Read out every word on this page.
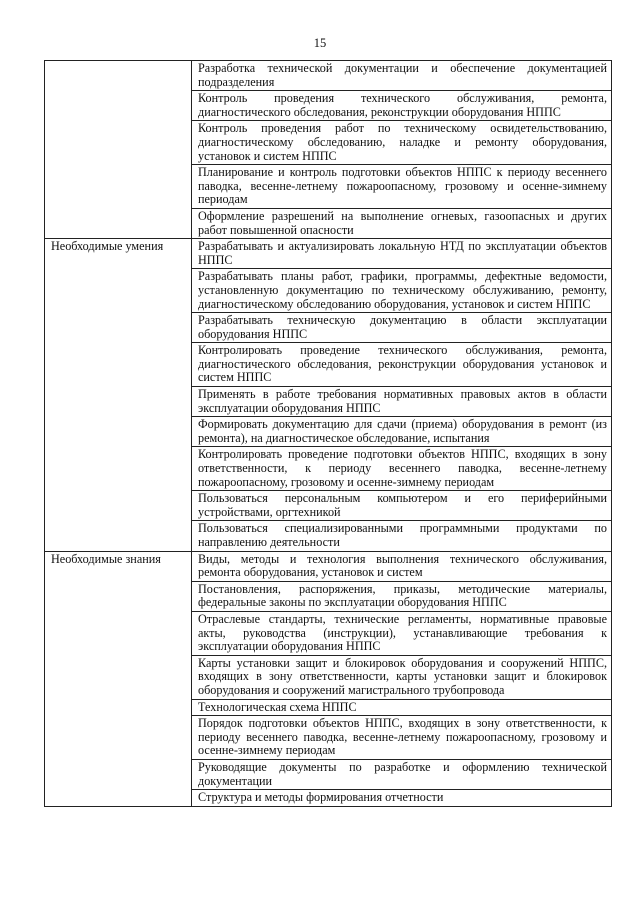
15
	Разработка технической документации и обеспечение документацией подразделения
	Контроль проведения технического обслуживания, ремонта, диагностического обследования, реконструкции оборудования НППС
	Контроль проведения работ по техническому освидетельствованию, диагностическому обследованию, наладке и ремонту оборудования, установок и систем НППС
	Планирование и контроль подготовки объектов НППС к периоду весеннего паводка, весенне-летнему пожароопасному, грозовому и осенне-зимнему периодам
	Оформление разрешений на выполнение огневых, газоопасных и других работ повышенной опасности
Необходимые умения	Разрабатывать и актуализировать локальную НТД по эксплуатации объектов НППС
	Разрабатывать планы работ, графики, программы, дефектные ведомости, установленную документацию по техническому обслуживанию, ремонту, диагностическому обследованию оборудования, установок и систем НППС
	Разрабатывать техническую документацию в области эксплуатации оборудования НППС
	Контролировать проведение технического обслуживания, ремонта, диагностического обследования, реконструкции оборудования установок и систем НППС
	Применять в работе требования нормативных правовых актов в области эксплуатации оборудования НППС
	Формировать документацию для сдачи (приема) оборудования в ремонт (из ремонта), на диагностическое обследование, испытания
	Контролировать проведение подготовки объектов НППС, входящих в зону ответственности, к периоду весеннего паводка, весенне-летнему пожароопасному, грозовому и осенне-зимнему периодам
	Пользоваться персональным компьютером и его периферийными устройствами, оргтехникой
	Пользоваться специализированными программными продуктами по направлению деятельности
Необходимые знания	Виды, методы и технология выполнения технического обслуживания, ремонта оборудования, установок и систем
	Постановления, распоряжения, приказы, методические материалы, федеральные законы по эксплуатации оборудования НППС
	Отраслевые стандарты, технические регламенты, нормативные правовые акты, руководства (инструкции), устанавливающие требования к эксплуатации оборудования НППС
	Карты установки защит и блокировок оборудования и сооружений НППС, входящих в зону ответственности, карты установки защит и блокировок оборудования и сооружений магистрального трубопровода
	Технологическая схема НППС
	Порядок подготовки объектов НППС, входящих в зону ответственности, к периоду весеннего паводка, весенне-летнему пожароопасному, грозовому и осенне-зимнему периодам
	Руководящие документы по разработке и оформлению технической документации
	Структура и методы формирования отчетности
